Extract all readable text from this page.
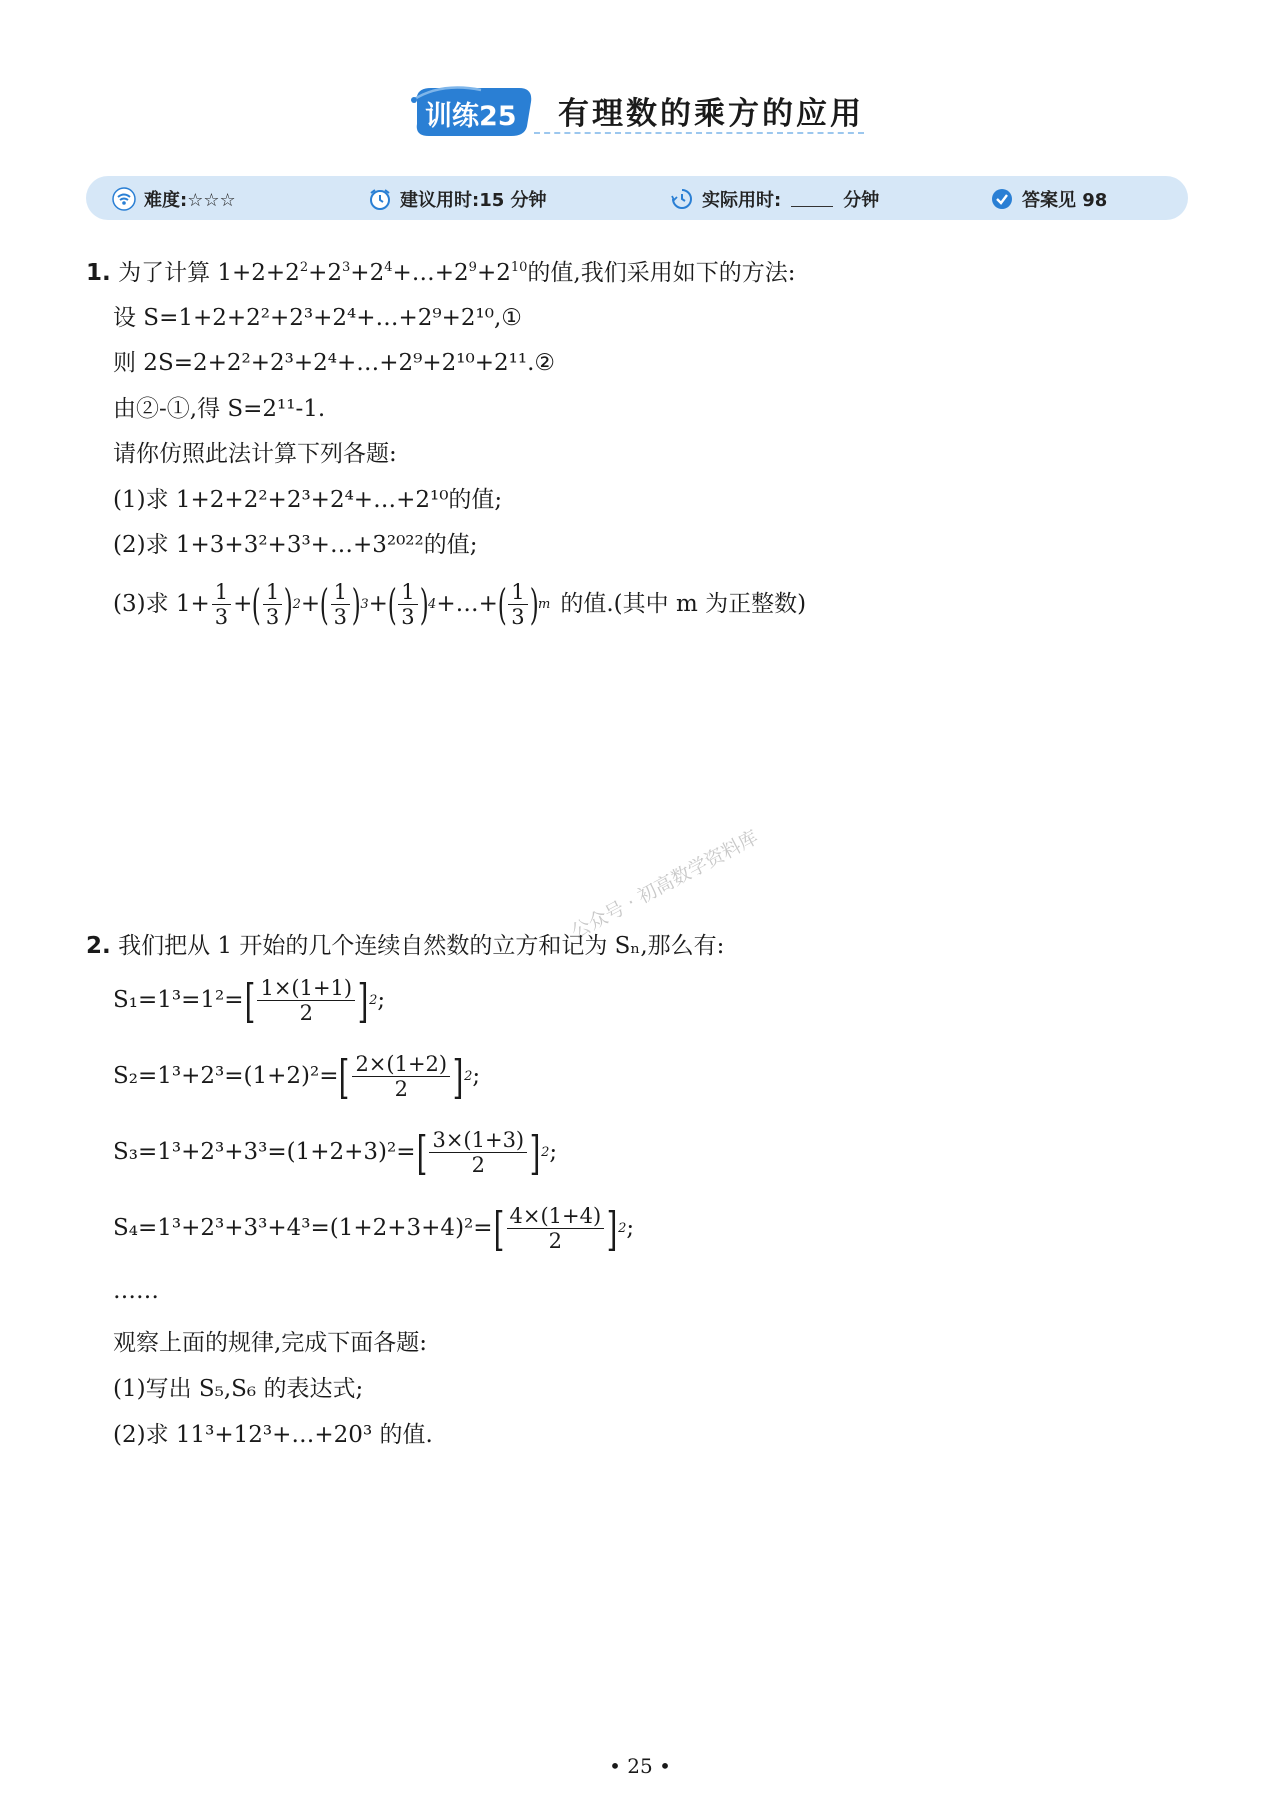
训练25 有理数的乘方的应用
难度:☆☆☆	建议用时:15 分钟	实际用时:	分钟	答案见 98
1. 为了计算 $1+2+2^2+2^3+2^4+\dots+2^9+2^{10}$的值,我们采用如下的方法:
设 S=1+2+2²+2³+2⁴+…+2⁹+2¹⁰,①
则 2S=2+2²+2³+2⁴+…+2⁹+2¹⁰+2¹¹.②
由②-①,得 S=2¹¹-1.
请你仿照此法计算下列各题:
(1)求 1+2+2²+2³+2⁴+…+2¹⁰的值;
(2)求 1+3+3²+3³+…+3²⁰²²的值;
(3)求 $1+ \frac{1}{3}$ + ( $\frac{1}{3}$ ) 2 + ( $\frac{1}{3}$ ) 3 + ( $\frac{1}{3}$ ) 4 +…+ ( $\frac{1}{3}$ ) m 的值.(其中 m 为正整数)
公众号 · 初高数学资料库
2. 我们把从 1 开始的几个连续自然数的立方和记为 Sₙ,那么有:
S₁=1³=1²= [ $\frac{1\times(1+1)}{2}$ ] 2 ;
S₂=1³+2³=(1+2)²= [ $\frac{2\times(1+2)}{2}$ ] 2 ;
S₃=1³+2³+3³=(1+2+3)²= [ $\frac{3\times(1+3)}{2}$ ] 2 ;
S₄=1³+2³+3³+4³=(1+2+3+4)²= [ $\frac{4\times(1+4)}{2}$ ] 2 ;
……
观察上面的规律,完成下面各题:
(1)写出 S₅,S₆ 的表达式;
(2)求 11³+12³+…+20³ 的值.
• 25 •
